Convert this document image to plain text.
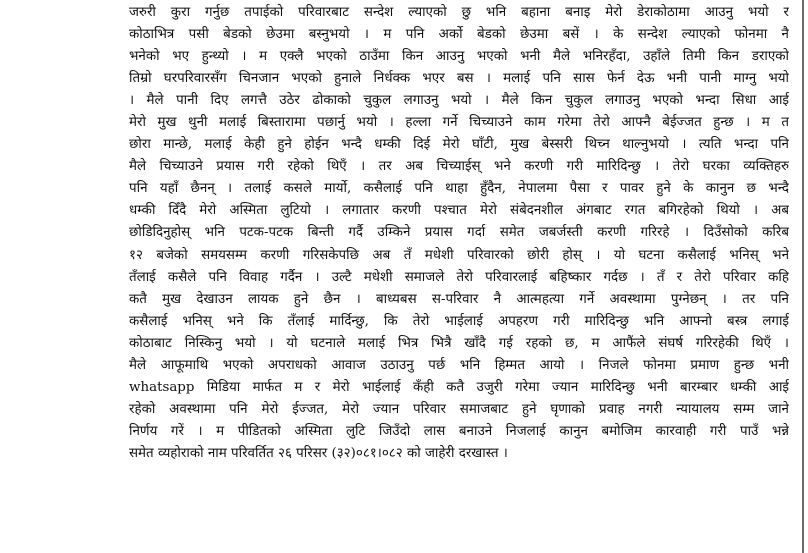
जरुरी कुरा गर्नुछ तपाईको परिवारबाट सन्देश ल्याएको छु भनि बहाना बनाइ मेरो डेराकोठामा आउनु भयो र
कोठाभित्र पसी बेडको छेउमा बस्नुभयो । म पनि अर्को बेडको छेउमा बसें । के सन्देश ल्याएको फोनमा नै
भनेको भए हुन्थ्यो । म एक्लै भएको ठाउँमा किन आउनु भएको भनी मैले भनिरहँदा, उहाँले तिमी किन डराएको
तिम्रो घरपरिवारसँग चिनजान भएको हुनाले निर्धक्क भएर बस । मलाई पनि सास फेर्न देऊ भनी पानी माग्नु भयो
। मैले पानी दिए लगत्तै उठेर ढोकाको चुकुल लगाउनु भयो । मैले किन चुकुल लगाउनु भएको भन्दा सिधा आई
मेरो मुख थुनी मलाई बिस्तारामा पछार्नु भयो । हल्ला गर्ने चिच्याउने काम गरेमा तेरो आफ्नै बेईज्जत हुन्छ । म त
छोरा मान्छे, मलाई केही हुने होईन भन्दै धम्की दिई मेरो घाँटी, मुख बेस्सरी थिच्न थाल्नुभयो । त्यति भन्दा पनि
मैले चिच्याउने प्रयास गरी रहेको थिएँ । तर अब चिच्याईस् भने करणी गरी मारिदिन्छु । तेरो घरका व्यक्तिहरु
पनि यहाँ छैनन् । तलाई कसले मार्यो, कसैलाई पनि थाहा हुँदैन, नेपालमा पैसा र पावर हुने के कानुन छ भन्दै
धम्की दिँदै मेरो अस्मिता लुटियो । लगातार करणी पश्चात मेरो संबेदनशील अंगबाट रगत बगिरहेको थियो । अब
छोडिदिनुहोस् भनि पटक-पटक बिन्ती गर्दै उम्किने प्रयास गर्दा समेत जबर्जस्ती करणी गरिरहे । दिउँसोको करिब
१२ बजेको समयसम्म करणी गरिसकेपछि अब तँ मधेशी परिवारको छोरी होस् । यो घटना कसैलाई भनिस् भने
तँलाई कसैले पनि विवाह गर्दैन । उल्टै मधेशी समाजले तेरो परिवारलाई बहिष्कार गर्दछ । तँ र तेरो परिवार कहि
कतै मुख देखाउन लायक हुने छैन । बाध्यबस स-परिवार नै आत्महत्या गर्ने अवस्थामा पुग्नेछन् । तर पनि
कसैलाई भनिस् भने कि तँलाई मार्दिन्छु, कि तेरो भाईलाई अपहरण गरी मारिदिन्छु भनि आफ्नो बस्त्र लगाई
कोठाबाट निस्किनु भयो । यो घटनाले मलाई भित्र भित्रै खाँदै गई रहको छ, म आफैंले संघर्ष गरिरहेकी थिएँ ।
मैले आफूमाथि भएको अपराधको आवाज उठाउनु पर्छ भनि हिम्मत आयो । निजले फोनमा प्रमाण हुन्छ भनी
whatsapp मिडिया मार्फत म र मेरो भाईलाई कँही कतै उजुरी गरेमा ज्यान मारिदिन्छु भनी बारम्बार धम्की आई
रहेको अवस्थामा पनि मेरो ईज्जत, मेरो ज्यान परिवार समाजबाट हुने घृणाको प्रवाह नगरी न्यायालय सम्म जाने
निर्णय गरें । म पीडितको अस्मिता लुटि जिउँदो लास बनाउने निजलाई कानुन बमोजिम कारवाही गरी पाउँ भन्ने
समेत व्यहोराको नाम परिवर्तित २६ परिसर (३२)०८१।०८२ को जाहेरी दरखास्त ।
